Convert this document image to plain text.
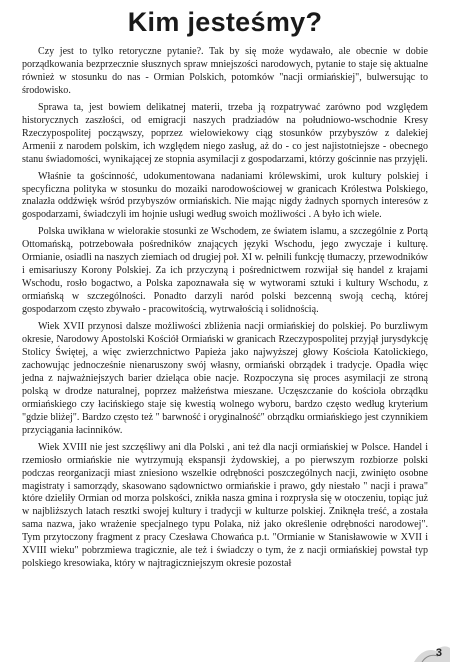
Kim jesteśmy?

Czy jest to tylko retoryczne pytanie?. Tak by się może wydawało, ale obecnie w dobie porządkowania bezprzecznie słusznych spraw mniejszości narodowych, pytanie to staje się aktualne również w stosunku do nas - Ormian Polskich, potomków "nacji ormiańskiej", bulwersując to środowisko.

Sprawa ta, jest bowiem delikatnej materii, trzeba ją rozpatrywać zarówno pod względem historycznych zaszłości, od emigracji naszych pradziadów na południowo-wschodnie Kresy Rzeczypospolitej począwszy, poprzez wielowiekowy ciąg stosunków przybyszów z dalekiej Armenii z narodem polskim, ich względem niego zasług, aż do - co jest najistotniejsze - obecnego stanu świadomości, wynikającej ze stopnia asymilacji z gospodarzami, którzy gościnnie nas przyjęli.

Właśnie ta gościnność, udokumentowana nadaniami królewskimi, urok kultury polskiej i specyficzna polityka w stosunku do mozaiki narodowościowej w granicach Królestwa Polskiego, znalazła oddźwięk wśród przybyszów ormiańskich. Nie mając nigdy żadnych spornych interesów z gospodarzami, świadczyli im hojnie usługi według swoich możliwości . A było ich wiele.

Polska uwikłana w wielorakie stosunki ze Wschodem, ze światem islamu, a szczególnie z Portą Ottomańską, potrzebowała pośredników znających języki Wschodu, jego zwyczaje i kulturę. Ormianie, osiadli na naszych ziemiach od drugiej poł. XI w. pełnili funkcję tłumaczy, przewodników i emisariuszy Korony Polskiej. Za ich przyczyną i pośrednictwem rozwijał się handel z krajami Wschodu, rosło bogactwo, a Polska zapoznawała się w wytworami sztuki i kultury Wschodu, z ormiańską w szczególności. Ponadto darzyli naród polski bezcenną swoją cechą, której gospodarzom często zbywało - pracowitością, wytrwałością i solidnością.

Wiek XVII przynosi dalsze możliwości zbliżenia nacji ormiańskiej do polskiej. Po burzliwym okresie, Narodowy Apostolski Kościół Ormiański w granicach Rzeczypospolitej przyjął jurysdykcję Stolicy Świętej, a więc zwierzchnictwo Papieża jako najwyższej głowy Kościoła Katolickiego, zachowując jednocześnie nienaruszony swój własny, ormiański obrządek i tradycje. Opadła więc jedna z najważniejszych barier dzieląca obie nacje. Rozpoczyna się proces asymilacji ze stroną polską w drodze naturalnej, poprzez małżeństwa mieszane. Uczęszczanie do kościoła obrządku ormiańskiego czy łacińskiego staje się kwestią wolnego wyboru, bardzo często według kryterium "gdzie bliżej". Bardzo często też " barwność i oryginalność" obrządku ormiańskiego jest czynnikiem przyciągania łacinników.

Wiek XVIII nie jest szczęśliwy ani dla Polski , ani też dla nacji ormiańskiej w Polsce. Handel i rzemiosło ormiańskie nie wytrzymują ekspansji żydowskiej, a po pierwszym rozbiorze polski podczas reorganizacji miast zniesiono wszelkie odrębności poszczególnych nacji, zwinięto osobne magistraty i samorządy, skasowano sądownictwo ormiańskie i prawo, gdy niestało " nacji i prawa" które dzieliły Ormian od morza polskości, znikła nasza gmina i rozprysła się w otoczeniu, topiąc już w najbliższych latach resztki swojej kultury i tradycji w kulturze polskiej. Zniknęła treść, a została sama nazwa, jako wrażenie specjalnego typu Polaka, niż jako określenie odrębności narodowej". Tym przytoczony fragment z pracy Czesława Chowańca p.t. "Ormianie w Stanisławowie w XVII i XVIII wieku" pobrzmiewa tragicznie, ale też i świadczy o tym, że z nacji ormiańskiej powstał typ polskiego kresowiaka, który w najtragiczniejszym okresie pozostał

3
